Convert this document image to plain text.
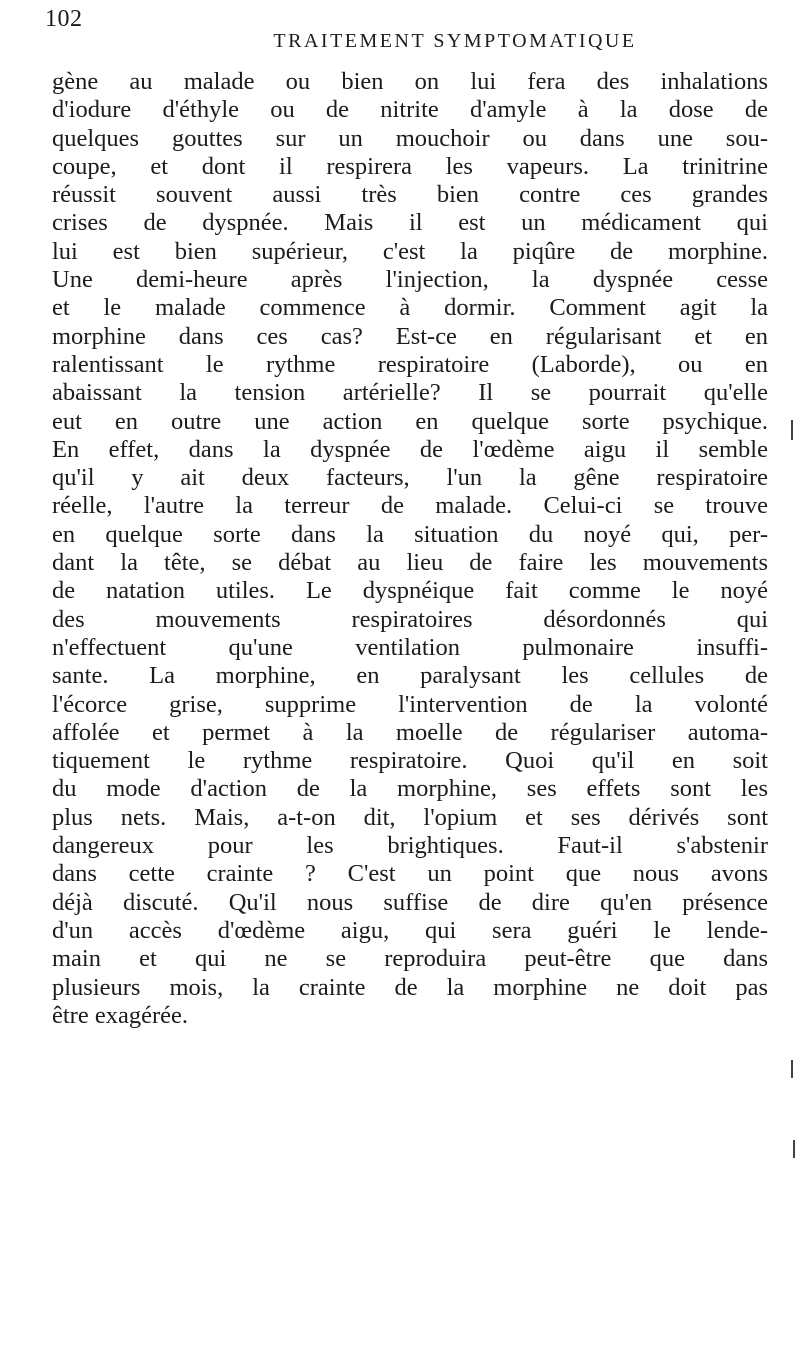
102
TRAITEMENT SYMPTOMATIQUE
gène au malade ou bien on lui fera des inhalations
d'iodure d'éthyle ou de nitrite d'amyle à la dose de
quelques gouttes sur un mouchoir ou dans une sou-
coupe, et dont il respirera les vapeurs. La trinitrine
réussit souvent aussi très bien contre ces grandes
crises de dyspnée. Mais il est un médicament qui
lui est bien supérieur, c'est la piqûre de morphine.
Une demi-heure après l'injection, la dyspnée cesse
et le malade commence à dormir. Comment agit la
morphine dans ces cas? Est-ce en régularisant et en
ralentissant le rythme respiratoire (Laborde), ou en
abaissant la tension artérielle? Il se pourrait qu'elle
eut en outre une action en quelque sorte psychique.
En effet, dans la dyspnée de l'œdème aigu il semble
qu'il y ait deux facteurs, l'un la gêne respiratoire
réelle, l'autre la terreur de malade. Celui-ci se trouve
en quelque sorte dans la situation du noyé qui, per-
dant la tête, se débat au lieu de faire les mouvements
de natation utiles. Le dyspnéique fait comme le noyé
des mouvements respiratoires désordonnés qui
n'effectuent qu'une ventilation pulmonaire insuffi-
sante. La morphine, en paralysant les cellules de
l'écorce grise, supprime l'intervention de la volonté
affolée et permet à la moelle de régulariser automa-
tiquement le rythme respiratoire. Quoi qu'il en soit
du mode d'action de la morphine, ses effets sont les
plus nets. Mais, a-t-on dit, l'opium et ses dérivés sont
dangereux pour les brightiques. Faut-il s'abstenir
dans cette crainte ? C'est un point que nous avons
déjà discuté. Qu'il nous suffise de dire qu'en présence
d'un accès d'œdème aigu, qui sera guéri le lende-
main et qui ne se reproduira peut-être que dans
plusieurs mois, la crainte de la morphine ne doit pas
être exagérée.
